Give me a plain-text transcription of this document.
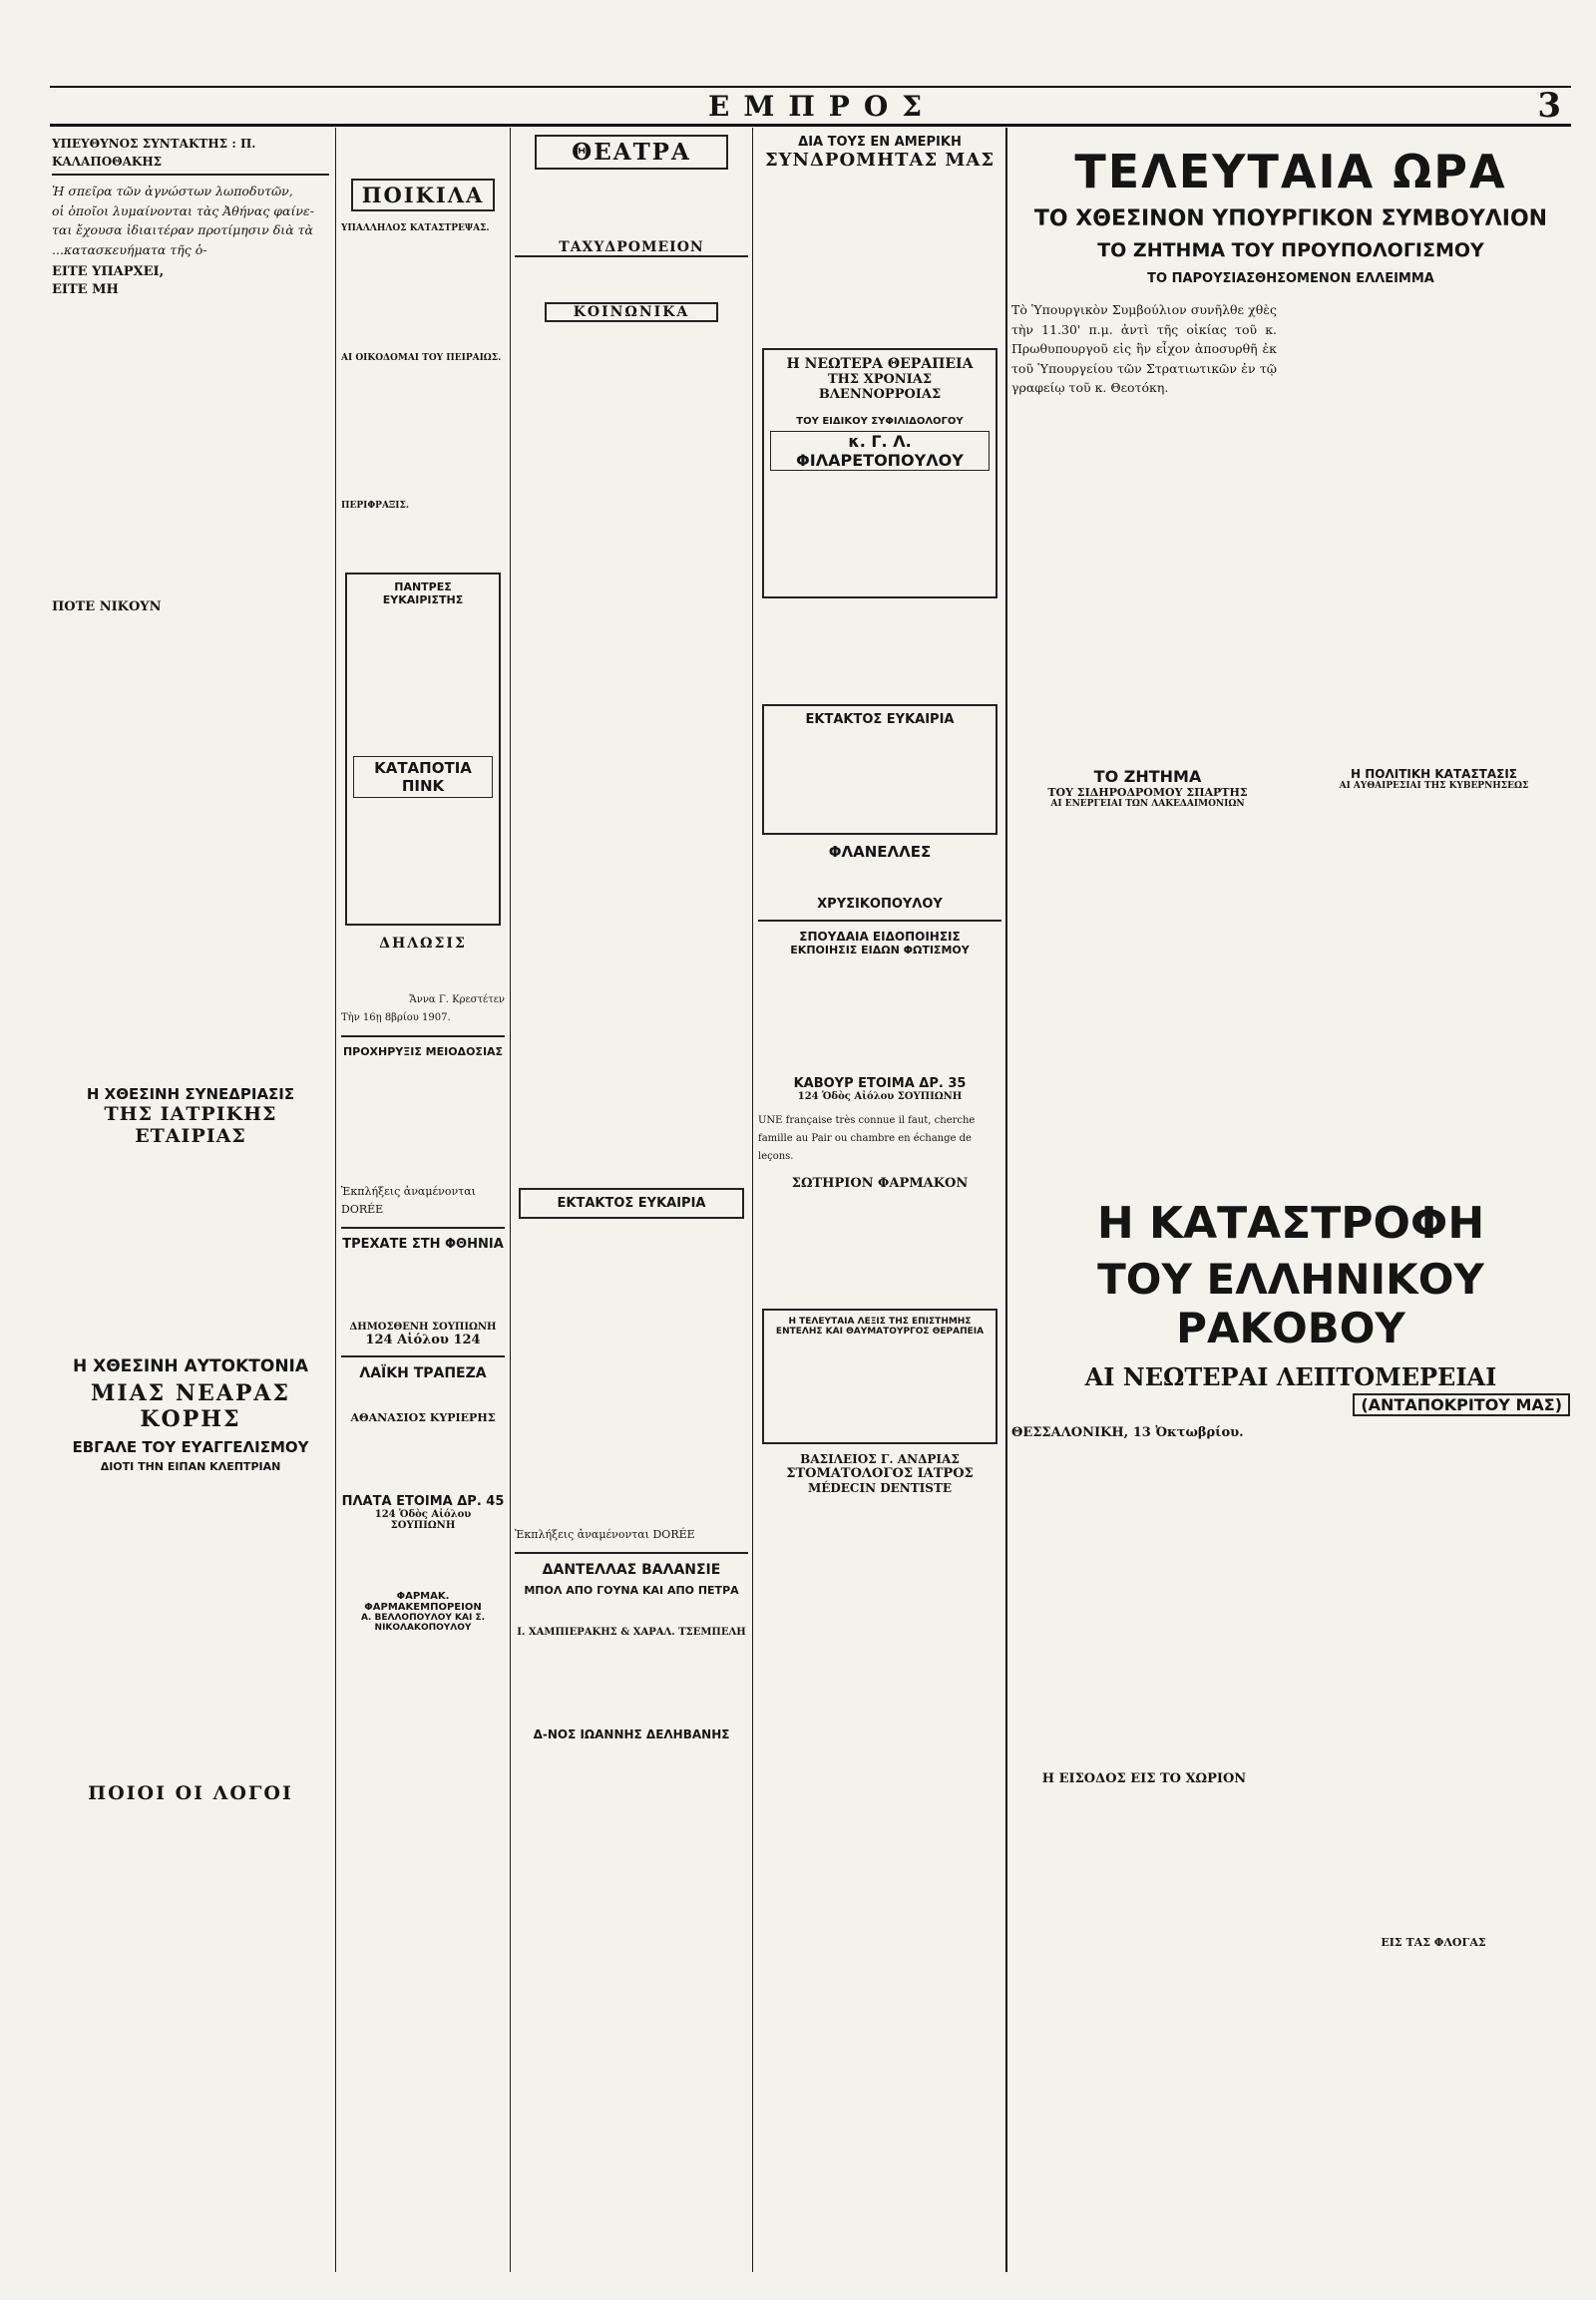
ΕΜΠΡΟΣ	3
ΥΠΕΥΘΥΝΟΣ ΣΥΝΤΑΚΤΗΣ : Π. ΚΑΛΑΠΟΘΑΚΗΣ
Ἡ σπεῖρα τῶν ἀγνώστων λωποδυτῶν,
οἱ ὁποῖοι λυμαίνονται τὰς Ἀθήνας φαίνε-
ται ἔχουσα ἰδιαιτέραν προτίμησιν διὰ τὰ
...κατασκευήματα τῆς ὁ-
ΕΙΤΕ ΥΠΑΡΧΕΙ,
ΕΙΤΕ ΜΗ
ΠΟΤΕ ΝΙΚΟΥΝ
Η ΧΘΕΣΙΝΗ ΣΥΝΕΔΡΙΑΣΙΣ
ΤΗΣ ΙΑΤΡΙΚΗΣ ΕΤΑΙΡΙΑΣ
Η ΧΘΕΣΙΝΗ ΑΥΤΟΚΤΟΝΙΑ
ΜΙΑΣ ΝΕΑΡΑΣ ΚΟΡΗΣ
ΕΒΓΑΛΕ ΤΟΥ ΕΥΑΓΓΕΛΙΣΜΟΥ
ΔΙΟΤΙ ΤΗΝ ΕΙΠΑΝ ΚΛΕΠΤΡΙΑΝ
ΠΟΙΟΙ ΟΙ ΛΟΓΟΙ
ΠΟΙΚΙΛΑ
ΥΠΑΛΛΗΛΟΣ ΚΑΤΑΣΤΡΕΨΑΣ.
ΑΙ ΟΙΚΟΔΟΜΑΙ ΤΟΥ ΠΕΙΡΑΙΩΣ.
ΠΕΡΙΦΡΑΞΙΣ.
ΠΑΝΤΡΕΣ ΕΥΚΑΙΡΙΣΤΗΣ
ΚΑΤΑΠΟΤΙΑ ΠΙΝΚ
ΔΗΛΩΣΙΣ
Ἄννα Γ. Κρεστέτεν
Τὴν 16ῃ 8βρίου 1907.
ΠΡΟΧΗΡΥΞΙΣ ΜΕΙΟΔΟΣΙΑΣ
Ἐκπλήξεις ἀναμένονται DORÉE
ΤΡΕΧΑΤΕ ΣΤΗ ΦΘΗΝΙΑ
ΔΗΜΟΣΘΕΝΗ ΣΟΥΠΙΩΝΗ
124 Αἰόλου 124
ΛΑΪΚΗ ΤΡΑΠΕΖΑ
ΑΘΑΝΑΣΙΟΣ ΚΥΡΙΕΡΗΣ
ΠΛΑΤΑ ΕΤΟΙΜΑ ΔΡ. 45
124 Ὁδὸς Αἰόλου ΣΟΥΠΙΩΝΗ
ΦΑΡΜΑΚ. ΦΑΡΜΑΚΕΜΠΟΡΕΙΟΝ
Α. ΒΕΛΛΟΠΟΥΛΟΥ ΚΑΙ Σ. ΝΙΚΟΛΑΚΟΠΟΥΛΟΥ
ΘΕΑΤΡΑ
ΤΑΧΥΔΡΟΜΕΙΟΝ
ΚΟΙΝΩΝΙΚΑ
ΕΚΤΑΚΤΟΣ ΕΥΚΑΙΡΙΑ
Ἐκπλήξεις ἀναμένονται DORÉE
ΔΑΝΤΕΛΛΑΣ ΒΑΛΑΝΣΙΕ
ΜΠΟΛ ΑΠΟ ΓΟΥΝΑ ΚΑΙ ΑΠΟ ΠΕΤΡΑ
Ι. ΧΑΜΠΙΕΡΑΚΗΣ & ΧΑΡΑΛ. ΤΣΕΜΠΕΛΗ
Δ-ΝΟΣ ΙΩΑΝΝΗΣ ΔΕΛΗΒΑΝΗΣ
ΔΙΑ ΤΟΥΣ ΕΝ ΑΜΕΡΙΚΗ
ΣΥΝΔΡΟΜΗΤΑΣ ΜΑΣ
Η ΝΕΩΤΕΡΑ ΘΕΡΑΠΕΙΑ
ΤΗΣ ΧΡΟΝΙΑΣ ΒΛΕΝΝΟΡΡΟΙΑΣ
ΤΟΥ ΕΙΔΙΚΟΥ ΣΥΦΙΛΙΔΟΛΟΓΟΥ
κ. Γ. Λ. ΦΙΛΑΡΕΤΟΠΟΥΛΟΥ
ΕΚΤΑΚΤΟΣ ΕΥΚΑΙΡΙΑ
ΦΛΑΝΕΛΛΕΣ
ΧΡΥΣΙΚΟΠΟΥΛΟΥ
ΣΠΟΥΔΑΙΑ ΕΙΔΟΠΟΙΗΣΙΣ
ΕΚΠΟΙΗΣΙΣ ΕΙΔΩΝ ΦΩΤΙΣΜΟΥ
ΚΑΒΟΥΡ ΕΤΟΙΜΑ ΔΡ. 35
124 Ὁδὸς Αἰόλου ΣΟΥΠΙΩΝΗ
UNE française très connue il faut, cherche famille au Pair ou chambre en échange de leçons.
ΣΩΤΗΡΙΟΝ ΦΑΡΜΑΚΟΝ
Η ΤΕΛΕΥΤΑΙΑ ΛΕΞΙΣ ΤΗΣ ΕΠΙΣΤΗΜΗΣ
ΕΝΤΕΛΗΣ ΚΑΙ ΘΑΥΜΑΤΟΥΡΓΟΣ ΘΕΡΑΠΕΙΑ
ΒΑΣΙΛΕΙΟΣ Γ. ΑΝΔΡΙΑΣ
ΣΤΟΜΑΤΟΛΟΓΟΣ ΙΑΤΡΟΣ
MÉDECIN DENTISTE
ΤΕΛΕΥΤΑΙΑ ΩΡΑ
ΤΟ ΧΘΕΣΙΝΟΝ ΥΠΟΥΡΓΙΚΟΝ ΣΥΜΒΟΥΛΙΟΝ
ΤΟ ΖΗΤΗΜΑ ΤΟΥ ΠΡΟΥΠΟΛΟΓΙΣΜΟΥ
ΤΟ ΠΑΡΟΥΣΙΑΣΘΗΣΟΜΕΝΟΝ ΕΛΛΕΙΜΜΑ
Τὸ Ὑπουργικὸν Συμβούλιον συνῆλθε χθὲς τὴν 11.30' π.μ. ἀντὶ τῆς οἰκίας τοῦ κ. Πρωθυπουργοῦ εἰς ἣν εἶχον ἀποσυρθῆ ἐκ τοῦ Ὑπουργείου τῶν Στρατιωτικῶν ἐν τῷ γραφείῳ τοῦ κ. Θεοτόκη.
ΤΟ ΖΗΤΗΜΑ
ΤΟΥ ΣΙΔΗΡΟΔΡΟΜΟΥ ΣΠΑΡΤΗΣ
ΑΙ ΕΝΕΡΓΕΙΑΙ ΤΩΝ ΛΑΚΕΔΑΙΜΟΝΙΩΝ
Η ΠΟΛΙΤΙΚΗ ΚΑΤΑΣΤΑΣΙΣ
ΑΙ ΑΥΘΑΙΡΕΣΙΑΙ ΤΗΣ ΚΥΒΕΡΝΗΣΕΩΣ
Η ΚΑΤΑΣΤΡΟΦΗ
ΤΟΥ ΕΛΛΗΝΙΚΟΥ ΡΑΚΟΒΟΥ
ΑΙ ΝΕΩΤΕΡΑΙ ΛΕΠΤΟΜΕΡΕΙΑΙ
(ΑΝΤΑΠΟΚΡΙΤΟΥ ΜΑΣ)
ΘΕΣΣΑΛΟΝΙΚΗ, 13 Ὀκτωβρίου.
Η ΕΙΣΟΔΟΣ ΕΙΣ ΤΟ ΧΩΡΙΟΝ
ΕΙΣ ΤΑΣ ΦΛΟΓΑΣ
